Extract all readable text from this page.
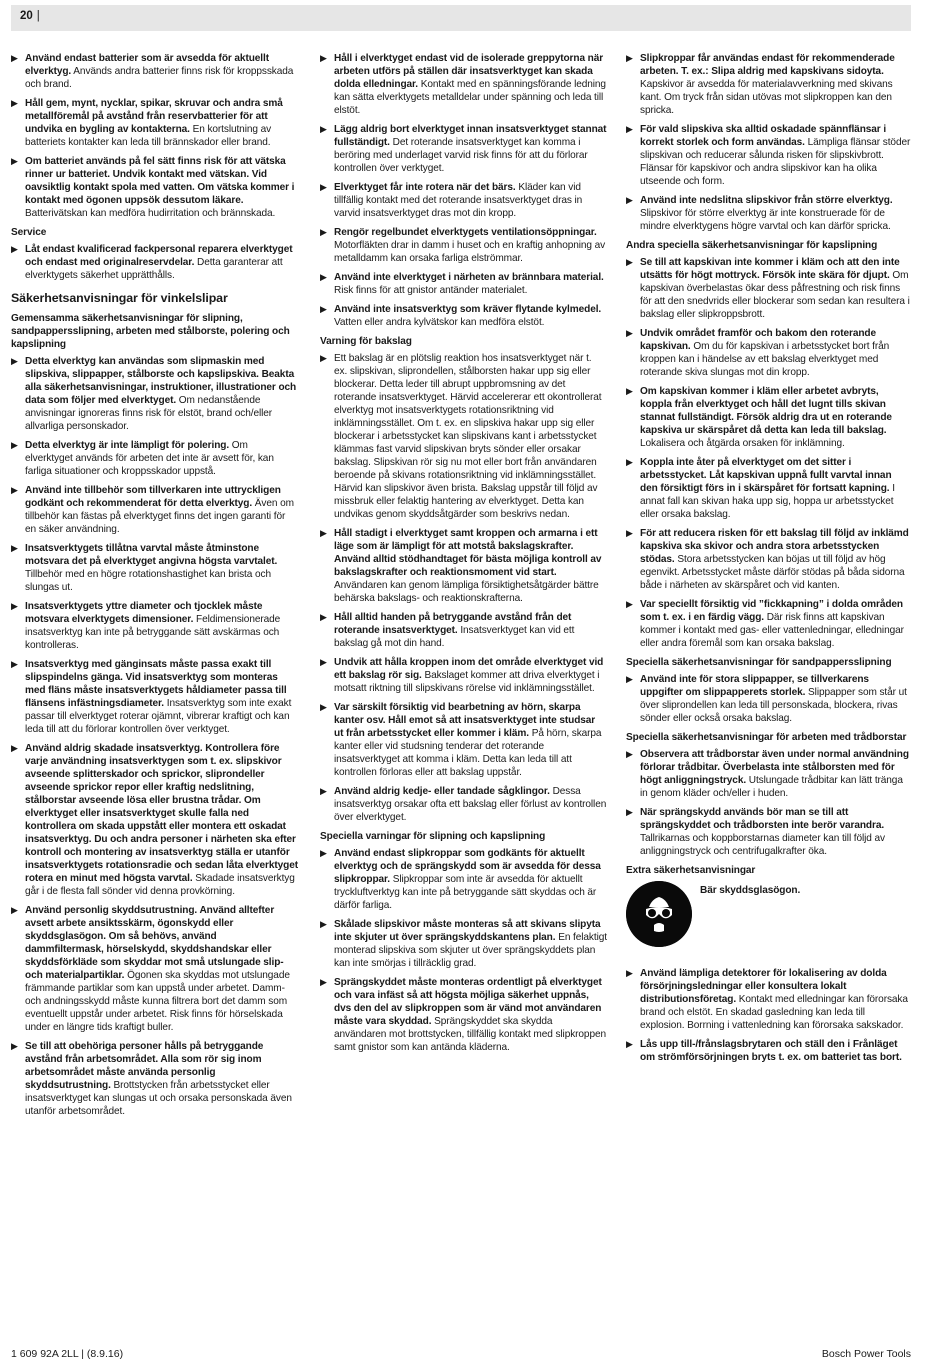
20 |
▶ Använd endast batterier som är avsedda för aktuellt elverktyg. Används andra batterier finns risk för kroppsskada och brand.
▶ Håll gem, mynt, nycklar, spikar, skruvar och andra små metallföremål på avstånd från reservbatterier för att undvika en bygling av kontakterna. En kortslutning av batteriets kontakter kan leda till brännskador eller brand.
▶ Om batteriet används på fel sätt finns risk för att vätska rinner ur batteriet. Undvik kontakt med vätskan. Vid oavsiktlig kontakt spola med vatten. Om vätska kommer i kontakt med ögonen uppsök dessutom läkare. Batterivätskan kan medföra hudirritation och brännskada.
Service
▶ Låt endast kvalificerad fackpersonal reparera elverktyget och endast med originalreservdelar. Detta garanterar att elverktygets säkerhet upprätthålls.
Säkerhetsanvisningar för vinkelslipar
Gemensamma säkerhetsanvisningar för slipning, sandpappersslipning, arbeten med stålborste, polering och kapslipning
▶ Detta elverktyg kan användas som slipmaskin med slipskiva, slippapper, stålborste och kapslipskiva. Beakta alla säkerhetsanvisningar, instruktioner, illustrationer och data som följer med elverktyget. Om nedanstående anvisningar ignoreras finns risk för elstöt, brand och/eller allvarliga personskador.
▶ Detta elverktyg är inte lämpligt för polering. Om elverktyget används för arbeten det inte är avsett för, kan farliga situationer och kroppsskador uppstå.
▶ Använd inte tillbehör som tillverkaren inte uttryckligen godkänt och rekommenderat för detta elverktyg. Även om tillbehör kan fästas på elverktyget finns det ingen garanti för en säker användning.
▶ Insatsverktygets tillåtna varvtal måste åtminstone motsvara det på elverktyget angivna högsta varvtalet. Tillbehör med en högre rotationshastighet kan brista och slungas ut.
▶ Insatsverktygets yttre diameter och tjocklek måste motsvara elverktygets dimensioner. Feldimensionerade insatsverktyg kan inte på betryggande sätt avskärmas och kontrolleras.
▶ Insatsverktyg med gänginsats måste passa exakt till slipspindelns gänga. Vid insatsverktyg som monteras med fläns måste insatsverktygets håldiameter passa till flänsens infästningsdiameter. Insatsverktyg som inte exakt passar till elverktyget roterar ojämnt, vibrerar kraftigt och kan leda till att du förlorar kontrollen över verktyget.
▶ Använd aldrig skadade insatsverktyg. Kontrollera före varje användning insatsverktygen som t. ex. slipskivor avseende splitterskador och sprickor, sliprondeller avseende sprickor repor eller kraftig nedslitning, stålborstar avseende lösa eller brustna trådar. Om elverktyget eller insatsverktyget skulle falla ned kontrollera om skada uppstått eller montera ett oskadat insatsverktyg. Du och andra personer i närheten ska efter kontroll och montering av insatsverktyg ställa er utanför insatsverktygets rotationsradie och sedan låta elverktyget rotera en minut med högsta varvtal. Skadade insatsverktyg går i de flesta fall sönder vid denna provkörning.
▶ Använd personlig skyddsutrustning. Använd alltefter avsett arbete ansiktsskärm, ögonskydd eller skyddsglasögon. Om så behövs, använd dammfiltermask, hörselskydd, skyddshandskar eller skyddsförkläde som skyddar mot små utslungade slip- och materialpartiklar. Ögonen ska skyddas mot utslungade främmande partiklar som kan uppstå under arbetet. Damm- och andningsskydd måste kunna filtrera bort det damm som eventuellt uppstår under arbetet. Risk finns för hörselskada under en längre tids kraftigt buller.
▶ Se till att obehöriga personer hålls på betryggande avstånd från arbetsområdet. Alla som rör sig inom arbetsområdet måste använda personlig skyddsutrustning. Brottstycken från arbetsstycket eller insatsverktyget kan slungas ut och orsaka personskada även utanför arbetsområdet.
▶ Håll i elverktyget endast vid de isolerade greppytorna när arbeten utförs på ställen där insatsverktyget kan skada dolda elledningar. Kontakt med en spänningsförande ledning kan sätta elverktygets metalldelar under spänning och leda till elstöt.
▶ Lägg aldrig bort elverktyget innan insatsverktyget stannat fullständigt. Det roterande insatsverktyget kan komma i beröring med underlaget varvid risk finns för att du förlorar kontrollen över verktyget.
▶ Elverktyget får inte rotera när det bärs. Kläder kan vid tillfällig kontakt med det roterande insatsverktyget dras in varvid insatsverktyget dras mot din kropp.
▶ Rengör regelbundet elverktygets ventilationsöppningar. Motorfläkten drar in damm i huset och en kraftig anhopning av metalldamm kan orsaka farliga elströmmar.
▶ Använd inte elverktyget i närheten av brännbara material. Risk finns för att gnistor antänder materialet.
▶ Använd inte insatsverktyg som kräver flytande kylmedel. Vatten eller andra kylvätskor kan medföra elstöt.
Varning för bakslag
▶ Ett bakslag är en plötslig reaktion hos insatsverktyget när t. ex. slipskivan, sliprondellen, stålborsten hakar upp sig eller blockerar. Detta leder till abrupt uppbromsning av det roterande insatsverktyget. Härvid accelererar ett okontrollerat elverktyg mot insatsverktygets rotationsriktning vid inklämningsstället. Om t. ex. en slipskiva hakar upp sig eller blockerar i arbetsstycket kan slipskivans kant i arbetsstycket klämmas fast varvid slipskivan bryts sönder eller orsakar bakslag. Slipskivan rör sig nu mot eller bort från användaren beroende på skivans rotationsriktning vid inklämningsstället. Härvid kan slipskivor även brista. Bakslag uppstår till följd av missbruk eller felaktig hantering av elverktyget. Detta kan undvikas genom skyddsåtgärder som beskrivs nedan.
▶ Håll stadigt i elverktyget samt kroppen och armarna i ett läge som är lämpligt för att motstå bakslagskrafter. Använd alltid stödhandtaget för bästa möjliga kontroll av bakslagskrafter och reaktionsmoment vid start. Användaren kan genom lämpliga försiktighetsåtgärder bättre behärska bakslags- och reaktionskrafterna.
▶ Håll alltid handen på betryggande avstånd från det roterande insatsverktyget. Insatsverktyget kan vid ett bakslag gå mot din hand.
▶ Undvik att hålla kroppen inom det område elverktyget vid ett bakslag rör sig. Bakslaget kommer att driva elverktyget i motsatt riktning till slipskivans rörelse vid inklämningsstället.
▶ Var särskilt försiktig vid bearbetning av hörn, skarpa kanter osv. Håll emot så att insatsverktyget inte studsar ut från arbetsstycket eller kommer i kläm. På hörn, skarpa kanter eller vid studsning tenderar det roterande insatsverktyget att komma i kläm. Detta kan leda till att kontrollen förloras eller att bakslag uppstår.
▶ Använd aldrig kedje- eller tandade sågklingor. Dessa insatsverktyg orsakar ofta ett bakslag eller förlust av kontrollen över elverktyget.
Speciella varningar för slipning och kapslipning
▶ Använd endast slipkroppar som godkänts för aktuellt elverktyg och de sprängskydd som är avsedda för dessa slipkroppar. Slipkroppar som inte är avsedda för aktuellt tryckluftverktyg kan inte på betryggande sätt skyddas och är därför farliga.
▶ Skålade slipskivor måste monteras så att skivans slipyta inte skjuter ut över sprängskyddskantens plan. En felaktigt monterad slipskiva som skjuter ut över sprängskyddets plan kan inte smörjas i tillräcklig grad.
▶ Sprängskyddet måste monteras ordentligt på elverktyget och vara infäst så att högsta möjliga säkerhet uppnås, dvs den del av slipkroppen som är vänd mot användaren måste vara skyddad. Sprängskyddet ska skydda användaren mot brottstycken, tillfällig kontakt med slipkroppen samt gnistor som kan antända kläderna.
▶ Slipkroppar får användas endast för rekommenderade arbeten. T. ex.: Slipa aldrig med kapskivans sidoyta. Kapskivor är avsedda för materialavverkning med skivans kant. Om tryck från sidan utövas mot slipkroppen kan den spricka.
▶ För vald slipskiva ska alltid oskadade spännflänsar i korrekt storlek och form användas. Lämpliga flänsar stöder slipskivan och reducerar sålunda risken för slipskivbrott. Flänsar för kapskivor och andra slipskivor kan ha olika utseende och form.
▶ Använd inte nedslitna slipskivor från större elverktyg. Slipskivor för större elverktyg är inte konstruerade för de mindre elverktygens högre varvtal och kan därför spricka.
Andra speciella säkerhetsanvisningar för kapslipning
▶ Se till att kapskivan inte kommer i kläm och att den inte utsätts för högt mottryck. Försök inte skära för djupt. Om kapskivan överbelastas ökar dess påfrestning och risk finns för att den snedvrids eller blockerar som sedan kan resultera i bakslag eller slipkroppsbrott.
▶ Undvik området framför och bakom den roterande kapskivan. Om du för kapskivan i arbetsstycket bort från kroppen kan i händelse av ett bakslag elverktyget med roterande skiva slungas mot din kropp.
▶ Om kapskivan kommer i kläm eller arbetet avbryts, koppla från elverktyget och håll det lugnt tills skivan stannat fullständigt. Försök aldrig dra ut en roterande kapskiva ur skärspåret då detta kan leda till bakslag. Lokalisera och åtgärda orsaken för inklämning.
▶ Koppla inte åter på elverktyget om det sitter i arbetsstycket. Låt kapskivan uppnå fullt varvtal innan den försiktigt förs in i skärspåret för fortsatt kapning. I annat fall kan skivan haka upp sig, hoppa ur arbetsstycket eller orsaka bakslag.
▶ För att reducera risken för ett bakslag till följd av inklämd kapskiva ska skivor och andra stora arbetsstycken stödas. Stora arbetsstycken kan böjas ut till följd av hög egenvikt. Arbetsstycket måste därför stödas på båda sidorna både i närheten av skärspåret och vid kanten.
▶ Var speciellt försiktig vid ”fickkapning” i dolda områden som t. ex. i en färdig vägg. Där risk finns att kapskivan kommer i kontakt med gas- eller vattenledningar, elledningar eller andra föremål som kan orsaka bakslag.
Speciella säkerhetsanvisningar för sandpappersslipning
▶ Använd inte för stora slippapper, se tillverkarens uppgifter om slippapperets storlek. Slippapper som står ut över sliprondellen kan leda till personskada, blockera, rivas sönder eller också orsaka bakslag.
Speciella säkerhetsanvisningar för arbeten med trådborstar
▶ Observera att trådborstar även under normal användning förlorar trådbitar. Överbelasta inte stålborsten med för högt anliggningstryck. Utslungade trådbitar kan lätt tränga in genom kläder och/eller i huden.
▶ När sprängskydd används bör man se till att sprängskyddet och trådborsten inte berör varandra. Tallrikarnas och koppborstarnas diameter kan till följd av anliggningstryck och centrifugalkrafter öka.
Extra säkerhetsanvisningar
Bär skyddsglasögon.
▶ Använd lämpliga detektorer för lokalisering av dolda försörjningsledningar eller konsultera lokalt distributionsföretag. Kontakt med elledningar kan förorsaka brand och elstöt. En skadad gasledning kan leda till explosion. Borrning i vattenledning kan förorsaka sakskador.
▶ Lås upp till-/frånslagsbrytaren och ställ den i Frånläget om strömförsörjningen bryts t. ex. om batteriet tas bort.
1 609 92A 2LL | (8.9.16)	Bosch Power Tools
